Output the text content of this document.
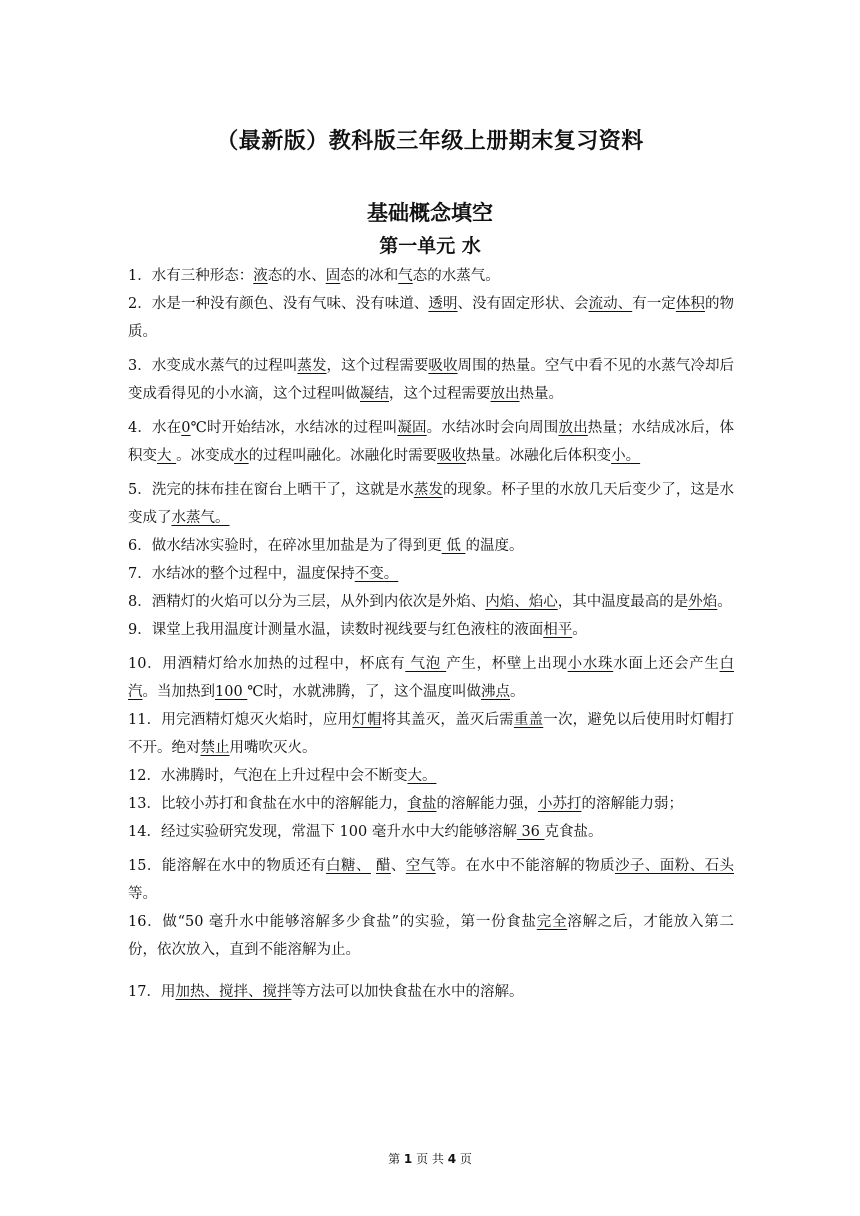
（最新版）教科版三年级上册期末复习资料
基础概念填空
第一单元 水

1．水有三种形态：液态的水、固态的冰和气态的水蒸气。

2．水是一种没有颜色、没有气味、没有味道、透明、没有固定形状、会流动、有一定体积的物质。

3．水变成水蒸气的过程叫蒸发，这个过程需要吸收周围的热量。空气中看不见的水蒸气冷却后变成看得见的小水滴，这个过程叫做凝结，这个过程需要放出热量。

4．水在0℃时开始结冰，水结冰的过程叫凝固。水结冰时会向周围放出热量；水结成冰后，体积变大 。冰变成水的过程叫融化。冰融化时需要吸收热量。冰融化后体积变小。

5．洗完的抹布挂在窗台上晒干了，这就是水蒸发的现象。杯子里的水放几天后变少了，这是水变成了水蒸气。

6．做水结冰实验时，在碎冰里加盐是为了得到更 低 的温度。

7．水结冰的整个过程中，温度保持不变。

8．酒精灯的火焰可以分为三层，从外到内依次是外焰、内焰、焰心，其中温度最高的是外焰。

9．课堂上我用温度计测量水温，读数时视线要与红色液柱的液面相平。

10．用酒精灯给水加热的过程中，杯底有 气泡 产生，杯壁上出现小水珠水面上还会产生白汽。当加热到100 ℃时，水就沸腾，了，这个温度叫做沸点。

11．用完酒精灯熄灭火焰时，应用灯帽将其盖灭，盖灭后需重盖一次，避免以后使用时灯帽打不开。绝对禁止用嘴吹灭火。

12．水沸腾时，气泡在上升过程中会不断变大。

13．比较小苏打和食盐在水中的溶解能力，食盐的溶解能力强，小苏打的溶解能力弱；

14．经过实验研究发现，常温下 100 毫升水中大约能够溶解 36 克食盐。

15．能溶解在水中的物质还有白糖、 醋、空气等。在水中不能溶解的物质沙子、面粉、石头等。

16．做“50 毫升水中能够溶解多少食盐”的实验，第一份食盐完全溶解之后，才能放入第二份，依次放入，直到不能溶解为止。

17．用加热、搅拌、搅拌等方法可以加快食盐在水中的溶解。

第 1 页 共 4 页
